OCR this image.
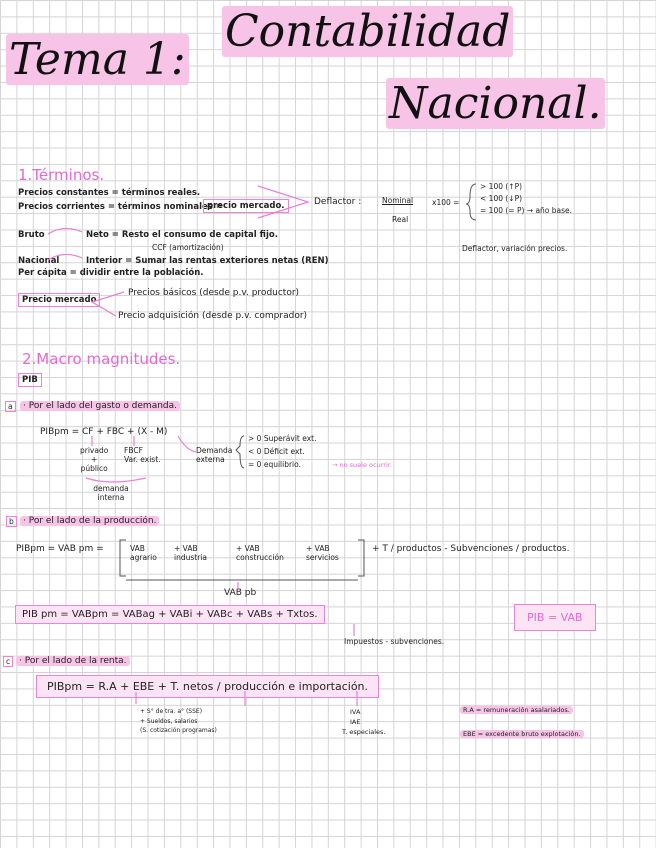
Tema 1:
Contabilidad
Nacional.
1.Términos.
Precios constantes = términos reales.
Precios corrientes = términos nominales =
precio mercado.
Bruto	Neto = Resto el consumo de capital fijo.
CCF (amortización)
Nacional	Interior = Sumar las rentas exteriores netas (REN)
Per cápita = dividir entre la población.
Deflactor :	Nominal
Real
x100 =
> 100 (↑P)
< 100 (↓P)
= 100 (= P) → año base.
Deflactor, variación precios.
Precio mercado
Precios básicos (desde p.v. productor)
Precio adquisición (desde p.v. comprador)
2.Macro magnitudes.
PIB
a	· Por el lado del gasto o demanda.
PIBpm = CF + FBC + (X - M)
privado
+
público
FBCF
Var. exist.
demanda interna
Demanda externa
> 0 Superávit ext.
< 0 Déficit ext.
= 0 equilibrio.	→ no suele ocurrir.
b	· Por el lado de la producción.
PIBpm = VAB pm =	VAB agrario
+ VAB industria
+ VAB construcción
+ VAB servicios
+ T / productos - Subvenciones / productos.
VAB pb
PIB pm = VABpm = VABag + VABi + VABc + VABs + Txtos.
Impuestos - subvenciones.
PIB = VAB
c · Por el lado de la renta.
PIBpm = R.A + EBE + T. netos / producción e importación.
+ S° de tra. a° (SSE)
+ Sueldos, salarios
(S. cotización programas)
IVA
IAE
T. especiales.
R.A = remuneración asalariados.
EBE = excedente bruto explotación.
